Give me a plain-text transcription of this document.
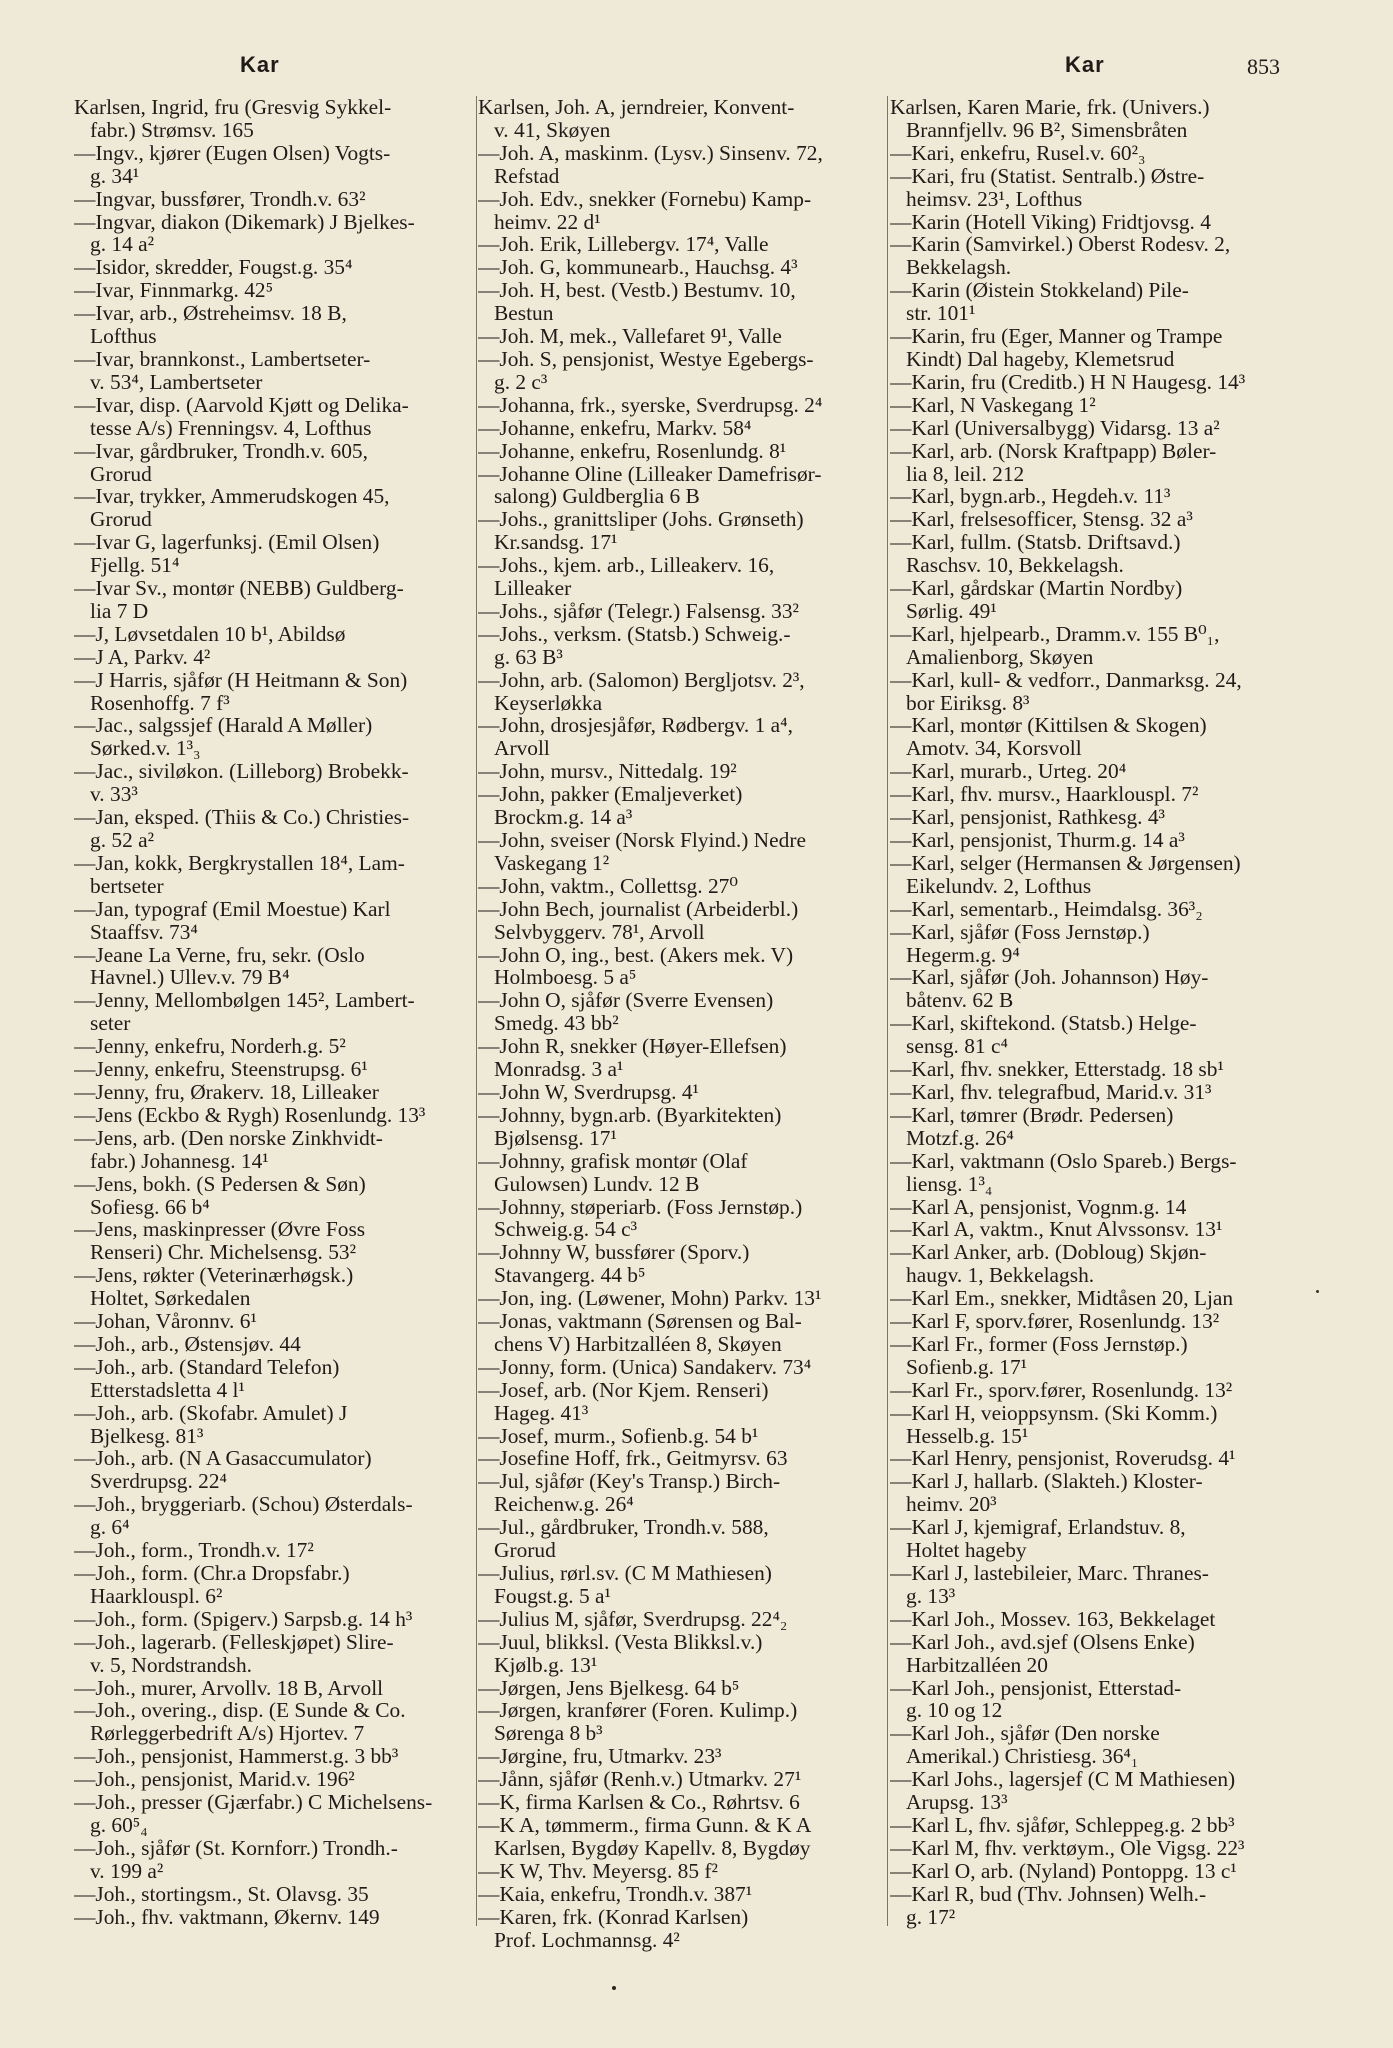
Kar	Kar	853
Karlsen, Ingrid, fru (Gresvig Sykkel-
fabr.) Strømsv. 165
—Ingv., kjører (Eugen Olsen) Vogts-
g. 34¹
—Ingvar, bussfører, Trondh.v. 63²
—Ingvar, diakon (Dikemark) J Bjelkes-
g. 14 a²
—Isidor, skredder, Fougst.g. 35⁴
—Ivar, Finnmarkg. 42⁵
—Ivar, arb., Østreheimsv. 18 B,
Lofthus
—Ivar, brannkonst., Lambertseter-
v. 53⁴, Lambertseter
—Ivar, disp. (Aarvold Kjøtt og Delika-
tesse A/s) Frenningsv. 4, Lofthus
—Ivar, gårdbruker, Trondh.v. 605,
Grorud
—Ivar, trykker, Ammerudskogen 45,
Grorud
—Ivar G, lagerfunksj. (Emil Olsen)
Fjellg. 51⁴
—Ivar Sv., montør (NEBB) Guldberg-
lia 7 D
—J, Løvsetdalen 10 b¹, Abildsø
—J A, Parkv. 4²
—J Harris, sjåfør (H Heitmann & Son)
Rosenhoffg. 7 f³
—Jac., salgssjef (Harald A Møller)
Sørked.v. 1³₃
—Jac., siviløkon. (Lilleborg) Brobekk-
v. 33³
—Jan, eksped. (Thiis & Co.) Christies-
g. 52 a²
—Jan, kokk, Bergkrystallen 18⁴, Lam-
bertseter
—Jan, typograf (Emil Moestue) Karl
Staaffsv. 73⁴
—Jeane La Verne, fru, sekr. (Oslo
Havnel.) Ullev.v. 79 B⁴
—Jenny, Mellombølgen 145², Lambert-
seter
—Jenny, enkefru, Norderh.g. 5²
—Jenny, enkefru, Steenstrupsg. 6¹
—Jenny, fru, Ørakerv. 18, Lilleaker
—Jens (Eckbo & Rygh) Rosenlundg. 13³
—Jens, arb. (Den norske Zinkhvidt-
fabr.) Johannesg. 14¹
—Jens, bokh. (S Pedersen & Søn)
Sofiesg. 66 b⁴
—Jens, maskinpresser (Øvre Foss
Renseri) Chr. Michelsensg. 53²
—Jens, røkter (Veterinærhøgsk.)
Holtet, Sørkedalen
—Johan, Våronnv. 6¹
—Joh., arb., Østensjøv. 44
—Joh., arb. (Standard Telefon)
Etterstadsletta 4 l¹
—Joh., arb. (Skofabr. Amulet) J
Bjelkesg. 81³
—Joh., arb. (N A Gasaccumulator)
Sverdrupsg. 22⁴
—Joh., bryggeriarb. (Schou) Østerdals-
g. 6⁴
—Joh., form., Trondh.v. 17²
—Joh., form. (Chr.a Dropsfabr.)
Haarklouspl. 6²
—Joh., form. (Spigerv.) Sarpsb.g. 14 h³
—Joh., lagerarb. (Felleskjøpet) Slire-
v. 5, Nordstrandsh.
—Joh., murer, Arvollv. 18 B, Arvoll
—Joh., overing., disp. (E Sunde & Co.
Rørleggerbedrift A/s) Hjortev. 7
—Joh., pensjonist, Hammerst.g. 3 bb³
—Joh., pensjonist, Marid.v. 196²
—Joh., presser (Gjærfabr.) C Michelsens-
g. 60⁵₄
—Joh., sjåfør (St. Kornforr.) Trondh.-
v. 199 a²
—Joh., stortingsm., St. Olavsg. 35
—Joh., fhv. vaktmann, Økernv. 149
Karlsen, Joh. A, jerndreier, Konvent-
v. 41, Skøyen
—Joh. A, maskinm. (Lysv.) Sinsenv. 72,
Refstad
—Joh. Edv., snekker (Fornebu) Kamp-
heimv. 22 d¹
—Joh. Erik, Lillebergv. 17⁴, Valle
—Joh. G, kommunearb., Hauchsg. 4³
—Joh. H, best. (Vestb.) Bestumv. 10,
Bestun
—Joh. M, mek., Vallefaret 9¹, Valle
—Joh. S, pensjonist, Westye Egebergs-
g. 2 c³
—Johanna, frk., syerske, Sverdrupsg. 2⁴
—Johanne, enkefru, Markv. 58⁴
—Johanne, enkefru, Rosenlundg. 8¹
—Johanne Oline (Lilleaker Damefrisør-
salong) Guldberglia 6 B
—Johs., granittsliper (Johs. Grønseth)
Kr.sandsg. 17¹
—Johs., kjem. arb., Lilleakerv. 16,
Lilleaker
—Johs., sjåfør (Telegr.) Falsensg. 33²
—Johs., verksm. (Statsb.) Schweig.-
g. 63 B³
—John, arb. (Salomon) Bergljotsv. 2³,
Keyserløkka
—John, drosjesjåfør, Rødbergv. 1 a⁴,
Arvoll
—John, mursv., Nittedalg. 19²
—John, pakker (Emaljeverket)
Brockm.g. 14 a³
—John, sveiser (Norsk Flyind.) Nedre
Vaskegang 1²
—John, vaktm., Collettsg. 27⁰
—John Bech, journalist (Arbeiderbl.)
Selvbyggerv. 78¹, Arvoll
—John O, ing., best. (Akers mek. V)
Holmboesg. 5 a⁵
—John O, sjåfør (Sverre Evensen)
Smedg. 43 bb²
—John R, snekker (Høyer-Ellefsen)
Monradsg. 3 a¹
—John W, Sverdrupsg. 4¹
—Johnny, bygn.arb. (Byarkitekten)
Bjølsensg. 17¹
—Johnny, grafisk montør (Olaf
Gulowsen) Lundv. 12 B
—Johnny, støperiarb. (Foss Jernstøp.)
Schweig.g. 54 c³
—Johnny W, bussfører (Sporv.)
Stavangerg. 44 b⁵
—Jon, ing. (Løwener, Mohn) Parkv. 13¹
—Jonas, vaktmann (Sørensen og Bal-
chens V) Harbitzalléen 8, Skøyen
—Jonny, form. (Unica) Sandakerv. 73⁴
—Josef, arb. (Nor Kjem. Renseri)
Hageg. 41³
—Josef, murm., Sofienb.g. 54 b¹
—Josefine Hoff, frk., Geitmyrsv. 63
—Jul, sjåfør (Key's Transp.) Birch-
Reichenw.g. 26⁴
—Jul., gårdbruker, Trondh.v. 588,
Grorud
—Julius, rørl.sv. (C M Mathiesen)
Fougst.g. 5 a¹
—Julius M, sjåfør, Sverdrupsg. 22⁴₂
—Juul, blikksl. (Vesta Blikksl.v.)
Kjølb.g. 13¹
—Jørgen, Jens Bjelkesg. 64 b⁵
—Jørgen, kranfører (Foren. Kulimp.)
Sørenga 8 b³
—Jørgine, fru, Utmarkv. 23³
—Jånn, sjåfør (Renh.v.) Utmarkv. 27¹
—K, firma Karlsen & Co., Røhrtsv. 6
—K A, tømmerm., firma Gunn. & K A
Karlsen, Bygdøy Kapellv. 8, Bygdøy
—K W, Thv. Meyersg. 85 f²
—Kaia, enkefru, Trondh.v. 387¹
—Karen, frk. (Konrad Karlsen)
Prof. Lochmannsg. 4²
Karlsen, Karen Marie, frk. (Univers.)
Brannfjellv. 96 B², Simensbråten
—Kari, enkefru, Rusel.v. 60²₃
—Kari, fru (Statist. Sentralb.) Østre-
heimsv. 23¹, Lofthus
—Karin (Hotell Viking) Fridtjovsg. 4
—Karin (Samvirkel.) Oberst Rodesv. 2,
Bekkelagsh.
—Karin (Øistein Stokkeland) Pile-
str. 101¹
—Karin, fru (Eger, Manner og Trampe
Kindt) Dal hageby, Klemetsrud
—Karin, fru (Creditb.) H N Haugesg. 14³
—Karl, N Vaskegang 1²
—Karl (Universalbygg) Vidarsg. 13 a²
—Karl, arb. (Norsk Kraftpapp) Bøler-
lia 8, leil. 212
—Karl, bygn.arb., Hegdeh.v. 11³
—Karl, frelsesofficer, Stensg. 32 a³
—Karl, fullm. (Statsb. Driftsavd.)
Raschsv. 10, Bekkelagsh.
—Karl, gårdskar (Martin Nordby)
Sørlig. 49¹
—Karl, hjelpearb., Dramm.v. 155 B⁰₁,
Amalienborg, Skøyen
—Karl, kull- & vedforr., Danmarksg. 24,
bor Eiriksg. 8³
—Karl, montør (Kittilsen & Skogen)
Amotv. 34, Korsvoll
—Karl, murarb., Urteg. 20⁴
—Karl, fhv. mursv., Haarklouspl. 7²
—Karl, pensjonist, Rathkesg. 4³
—Karl, pensjonist, Thurm.g. 14 a³
—Karl, selger (Hermansen & Jørgensen)
Eikelundv. 2, Lofthus
—Karl, sementarb., Heimdalsg. 36³₂
—Karl, sjåfør (Foss Jernstøp.)
Hegerm.g. 9⁴
—Karl, sjåfør (Joh. Johannson) Høy-
båtenv. 62 B
—Karl, skiftekond. (Statsb.) Helge-
sensg. 81 c⁴
—Karl, fhv. snekker, Etterstadg. 18 sb¹
—Karl, fhv. telegrafbud, Marid.v. 31³
—Karl, tømrer (Brødr. Pedersen)
Motzf.g. 26⁴
—Karl, vaktmann (Oslo Spareb.) Bergs-
liensg. 1³₄
—Karl A, pensjonist, Vognm.g. 14
—Karl A, vaktm., Knut Alvssonsv. 13¹
—Karl Anker, arb. (Dobloug) Skjøn-
haugv. 1, Bekkelagsh.
—Karl Em., snekker, Midtåsen 20, Ljan
—Karl F, sporv.fører, Rosenlundg. 13²
—Karl Fr., former (Foss Jernstøp.)
Sofienb.g. 17¹
—Karl Fr., sporv.fører, Rosenlundg. 13²
—Karl H, veioppsynsm. (Ski Komm.)
Hesselb.g. 15¹
—Karl Henry, pensjonist, Roverudsg. 4¹
—Karl J, hallarb. (Slakteh.) Kloster-
heimv. 20³
—Karl J, kjemigraf, Erlandstuv. 8,
Holtet hageby
—Karl J, lastebileier, Marc. Thranes-
g. 13³
—Karl Joh., Mossev. 163, Bekkelaget
—Karl Joh., avd.sjef (Olsens Enke)
Harbitzalléen 20
—Karl Joh., pensjonist, Etterstad-
g. 10 og 12
—Karl Joh., sjåfør (Den norske
Amerikal.) Christiesg. 36⁴₁
—Karl Johs., lagersjef (C M Mathiesen)
Arupsg. 13³
—Karl L, fhv. sjåfør, Schleppeg.g. 2 bb³
—Karl M, fhv. verktøym., Ole Vigsg. 22³
—Karl O, arb. (Nyland) Pontoppg. 13 c¹
—Karl R, bud (Thv. Johnsen) Welh.-
g. 17²
